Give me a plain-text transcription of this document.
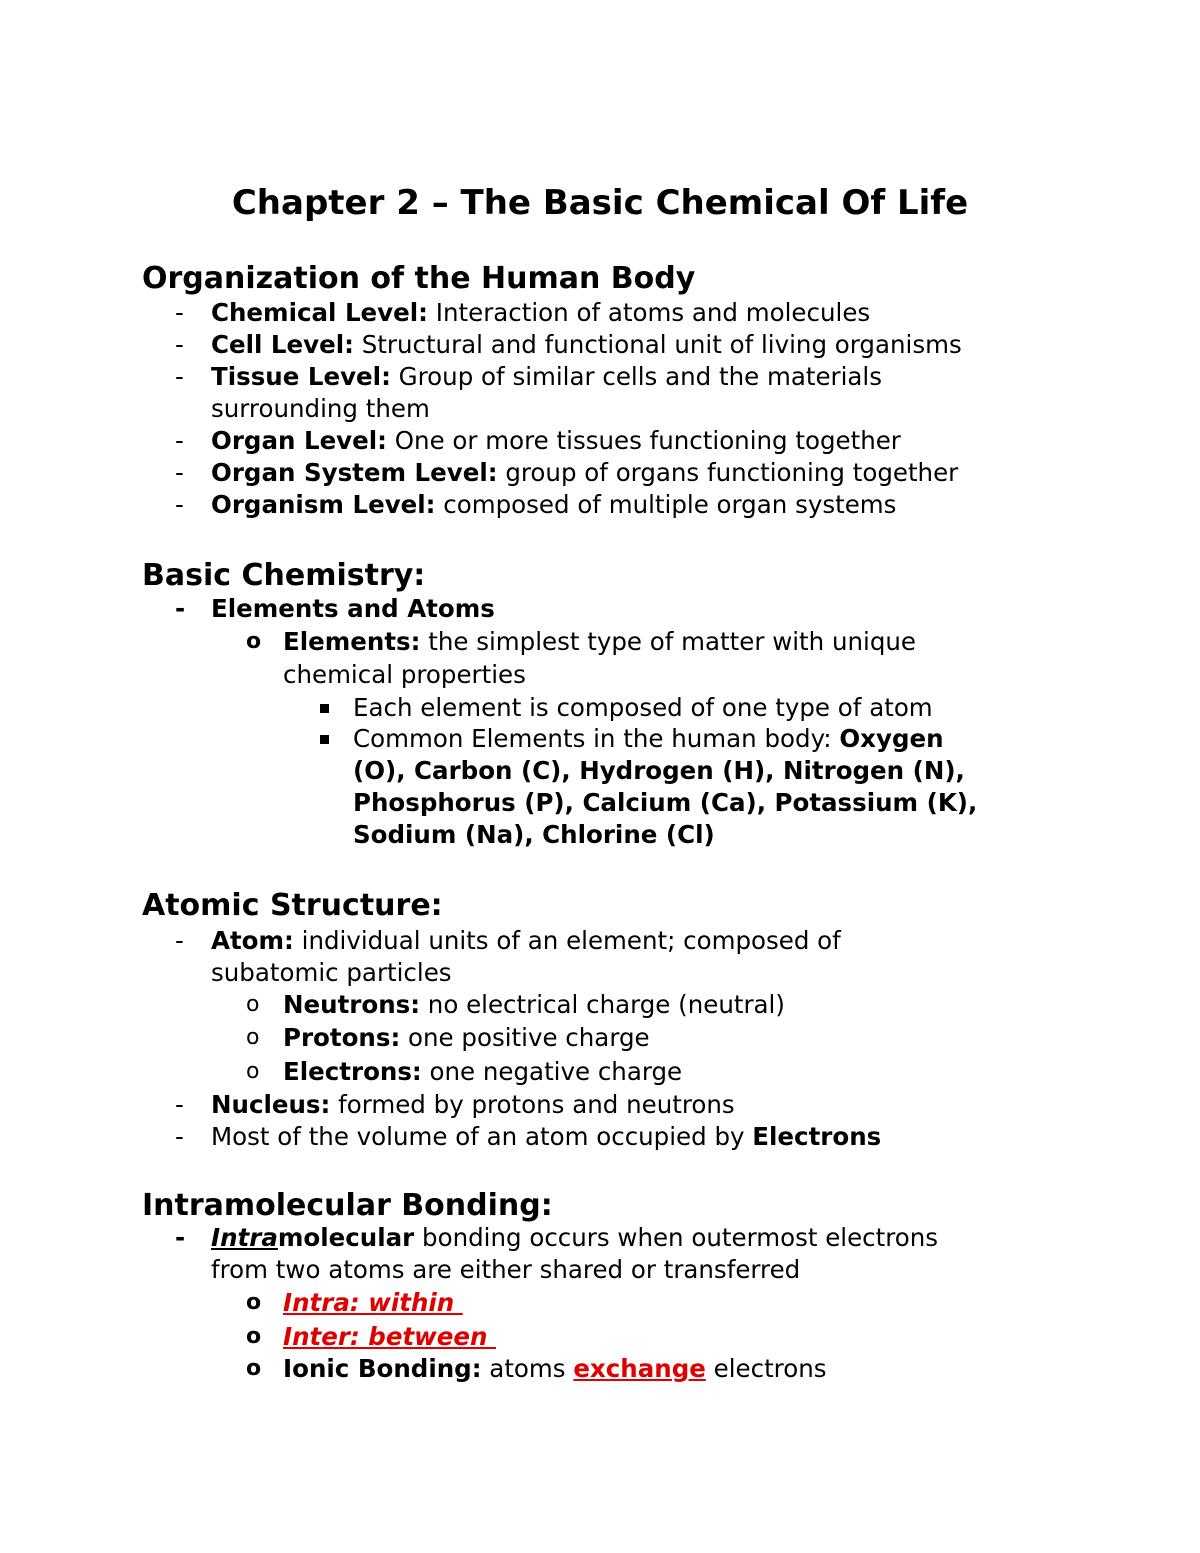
Chapter 2 – The Basic Chemical Of Life
Organization of the Human Body
- Chemical Level: Interaction of atoms and molecules
- Cell Level: Structural and functional unit of living organisms
- Tissue Level: Group of similar cells and the materials
surrounding them
- Organ Level: One or more tissues functioning together
- Organ System Level: group of organs functioning together
- Organism Level: composed of multiple organ systems
Basic Chemistry:
- Elements and Atoms
o Elements: the simplest type of matter with unique
chemical properties
Each element is composed of one type of atom
Common Elements in the human body: Oxygen
(O), Carbon (C), Hydrogen (H), Nitrogen (N),
Phosphorus (P), Calcium (Ca), Potassium (K),
Sodium (Na), Chlorine (Cl)
Atomic Structure:
- Atom: individual units of an element; composed of
subatomic particles
o Neutrons: no electrical charge (neutral)
o Protons: one positive charge
o Electrons: one negative charge
- Nucleus: formed by protons and neutrons
- Most of the volume of an atom occupied by Electrons
Intramolecular Bonding:
- Intramolecular bonding occurs when outermost electrons
from two atoms are either shared or transferred
o Intra: within
o Inter: between
o Ionic Bonding: atoms exchange electrons
